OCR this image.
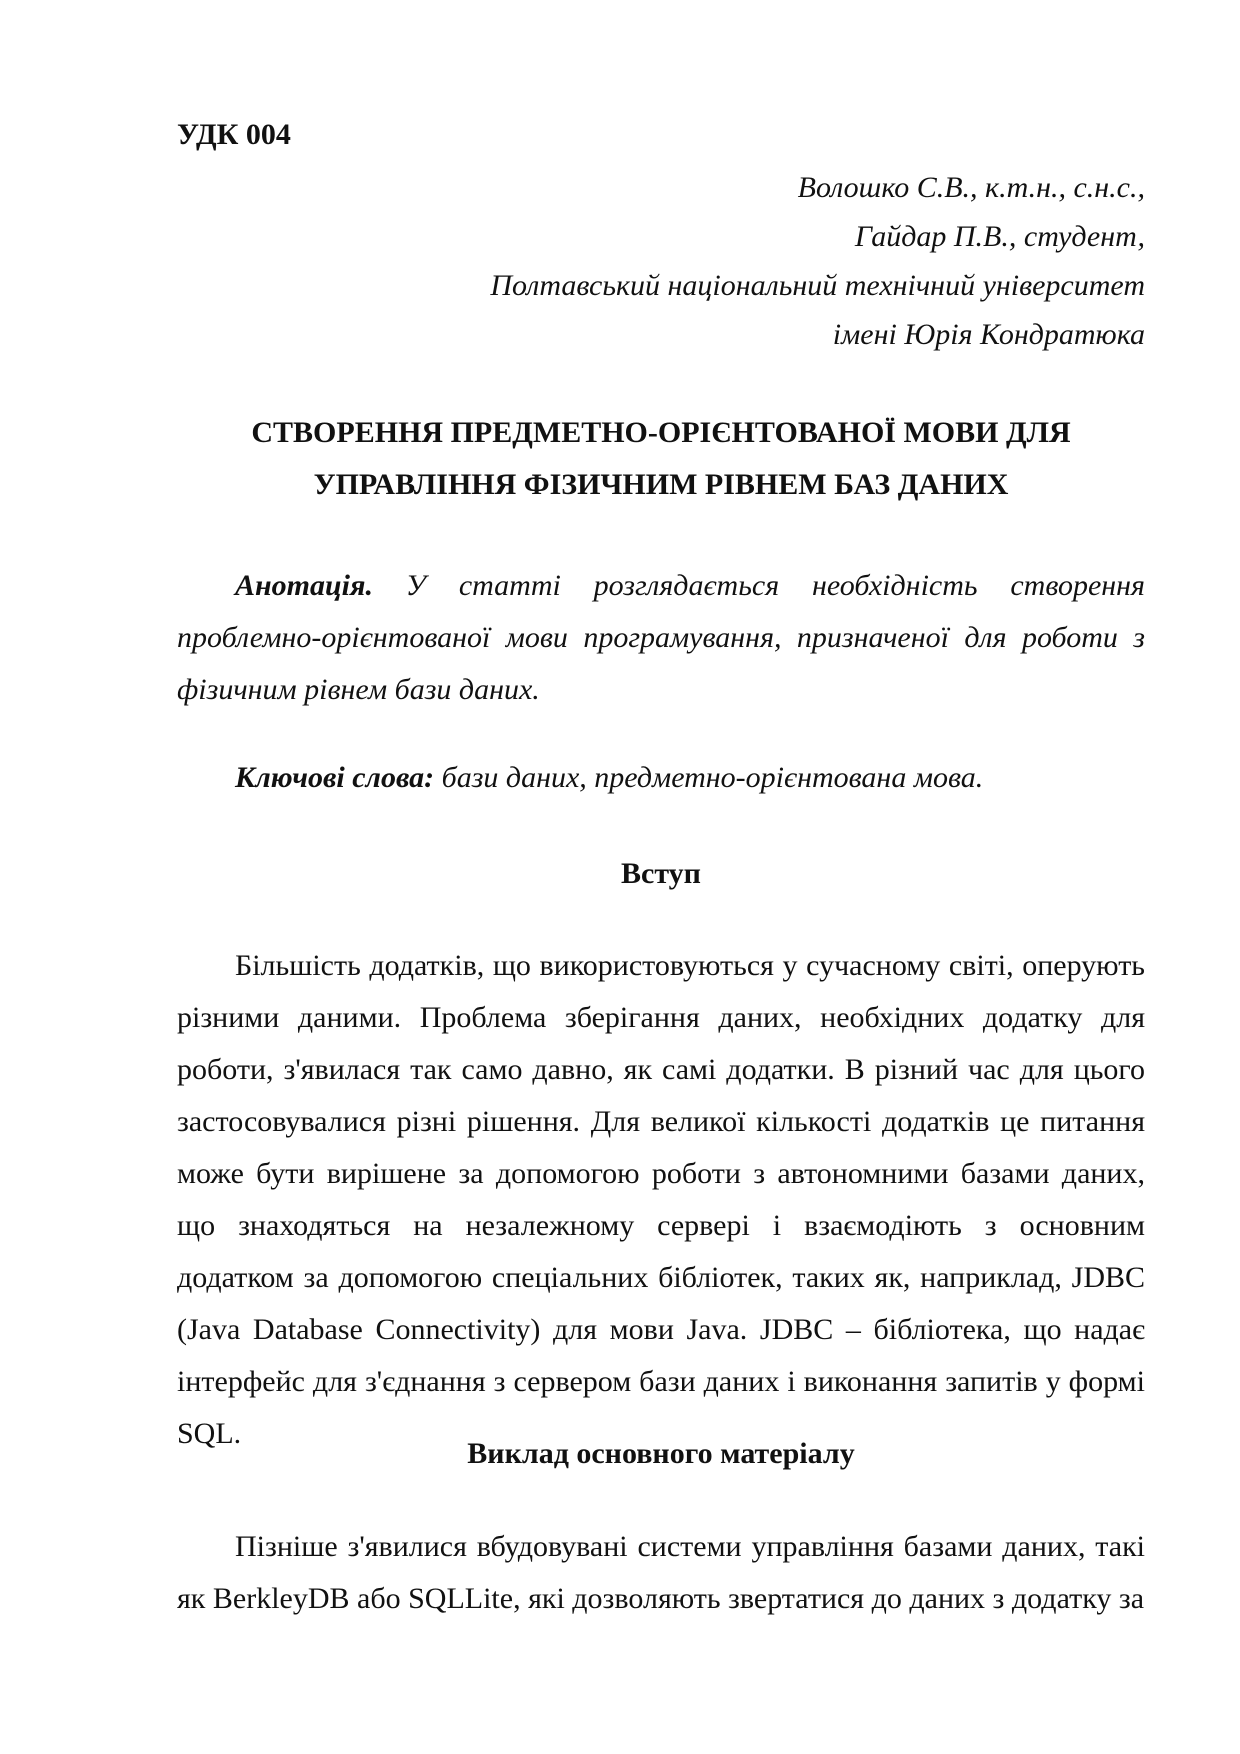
УДК 004
Волошко С.В., к.т.н., с.н.с.,
Гайдар П.В., студент,
Полтавський національний технічний університет
імені Юрія Кондратюка
СТВОРЕННЯ ПРЕДМЕТНО-ОРІЄНТОВАНОЇ МОВИ ДЛЯ
УПРАВЛІННЯ ФІЗИЧНИМ РІВНЕМ БАЗ ДАНИХ
Анотація. У статті розглядається необхідність створення проблемно-орієнтованої мови програмування, призначеної для роботи з фізичним рівнем бази даних.
Ключові слова: бази даних, предметно-орієнтована мова.
Вступ
Більшість додатків, що використовуються у сучасному світі, оперують різними даними. Проблема зберігання даних, необхідних додатку для роботи, з'явилася так само давно, як самі додатки. В різний час для цього застосовувалися різні рішення. Для великої кількості додатків це питання може бути вирішене за допомогою роботи з автономними базами даних, що знаходяться на незалежному сервері і взаємодіють з основним додатком за допомогою спеціальних бібліотек, таких як, наприклад, JDBC (Java Database Connectivity) для мови Java. JDBC – бібліотека, що надає інтерфейс для з'єднання з сервером бази даних і виконання запитів у формі SQL.
Виклад основного матеріалу
Пізніше з'явилися вбудовувані системи управління базами даних, такі як BerkleyDB або SQLLite, які дозволяють звертатися до даних з додатку за
